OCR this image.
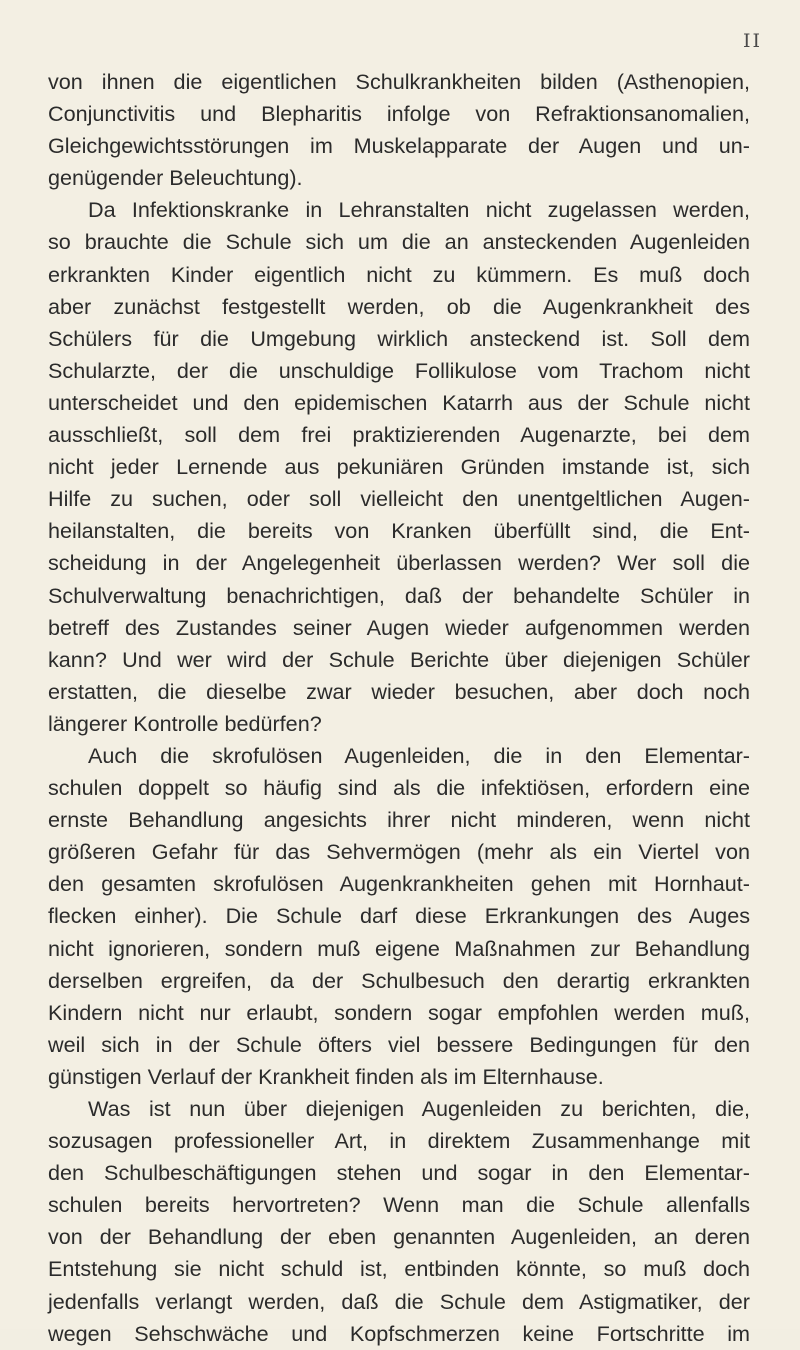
II

von ihnen die eigentlichen Schulkrankheiten bilden (Asthenopien,
Conjunctivitis und Blepharitis infolge von Refraktionsanomalien,
Gleichgewichtsstörungen im Muskelapparate der Augen und un-
genügender Beleuchtung).

Da Infektionskranke in Lehranstalten nicht zugelassen werden,
so brauchte die Schule sich um die an ansteckenden Augenleiden
erkrankten Kinder eigentlich nicht zu kümmern. Es muß doch
aber zunächst festgestellt werden, ob die Augenkrankheit des
Schülers für die Umgebung wirklich ansteckend ist. Soll dem
Schularzte, der die unschuldige Follikulose vom Trachom nicht
unterscheidet und den epidemischen Katarrh aus der Schule nicht
ausschließt, soll dem frei praktizierenden Augenarzte, bei dem
nicht jeder Lernende aus pekuniären Gründen imstande ist, sich
Hilfe zu suchen, oder soll vielleicht den unentgeltlichen Augen-
heilanstalten, die bereits von Kranken überfüllt sind, die Ent-
scheidung in der Angelegenheit überlassen werden? Wer soll die
Schulverwaltung benachrichtigen, daß der behandelte Schüler in
betreff des Zustandes seiner Augen wieder aufgenommen werden
kann? Und wer wird der Schule Berichte über diejenigen Schüler
erstatten, die dieselbe zwar wieder besuchen, aber doch noch
längerer Kontrolle bedürfen?

Auch die skrofulösen Augenleiden, die in den Elementar-
schulen doppelt so häufig sind als die infektiösen, erfordern eine
ernste Behandlung angesichts ihrer nicht minderen, wenn nicht
größeren Gefahr für das Sehvermögen (mehr als ein Viertel von
den gesamten skrofulösen Augenkrankheiten gehen mit Hornhaut-
flecken einher). Die Schule darf diese Erkrankungen des Auges
nicht ignorieren, sondern muß eigene Maßnahmen zur Behandlung
derselben ergreifen, da der Schulbesuch den derartig erkrankten
Kindern nicht nur erlaubt, sondern sogar empfohlen werden muß,
weil sich in der Schule öfters viel bessere Bedingungen für den
günstigen Verlauf der Krankheit finden als im Elternhause.

Was ist nun über diejenigen Augenleiden zu berichten, die,
sozusagen professioneller Art, in direktem Zusammenhange mit
den Schulbeschäftigungen stehen und sogar in den Elementar-
schulen bereits hervortreten? Wenn man die Schule allenfalls
von der Behandlung der eben genannten Augenleiden, an deren
Entstehung sie nicht schuld ist, entbinden könnte, so muß doch
jedenfalls verlangt werden, daß die Schule dem Astigmatiker, der
wegen Sehschwäche und Kopfschmerzen keine Fortschritte im
